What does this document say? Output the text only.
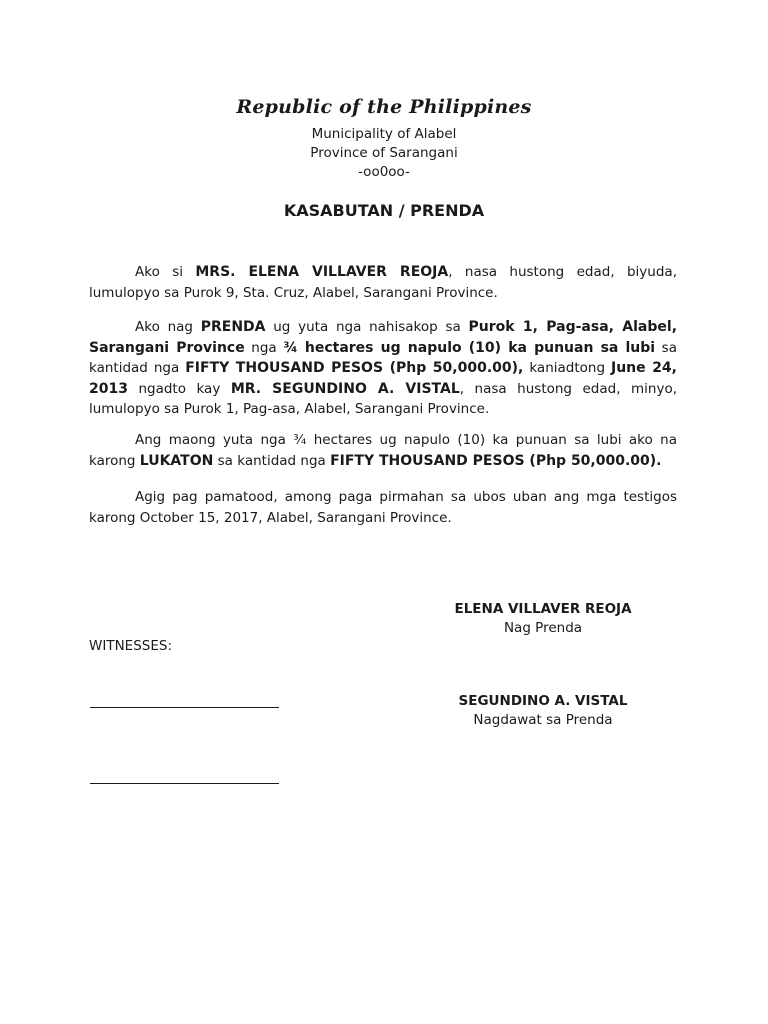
Republic of the Philippines
Municipality of Alabel
Province of Sarangani
-oo0oo-
KASABUTAN / PRENDA
Ako si MRS. ELENA VILLAVER REOJA, nasa hustong edad, biyuda, lumulopyo sa Purok 9, Sta. Cruz, Alabel, Sarangani Province.
Ako nag PRENDA ug yuta nga nahisakop sa Purok 1, Pag-asa, Alabel, Sarangani Province nga ¾ hectares ug napulo (10) ka punuan sa lubi sa kantidad nga FIFTY THOUSAND PESOS (Php 50,000.00), kaniadtong June 24, 2013 ngadto kay MR. SEGUNDINO A. VISTAL, nasa hustong edad, minyo, lumulopyo sa Purok 1, Pag-asa, Alabel, Sarangani Province.
Ang maong yuta nga ¾ hectares ug napulo (10) ka punuan sa lubi ako na karong LUKATON sa kantidad nga FIFTY THOUSAND PESOS (Php 50,000.00).
Agig pag pamatood, among paga pirmahan sa ubos uban ang mga testigos karong October 15, 2017, Alabel, Sarangani Province.
ELENA VILLAVER REOJA
Nag Prenda
WITNESSES:
SEGUNDINO A. VISTAL
Nagdawat sa Prenda
